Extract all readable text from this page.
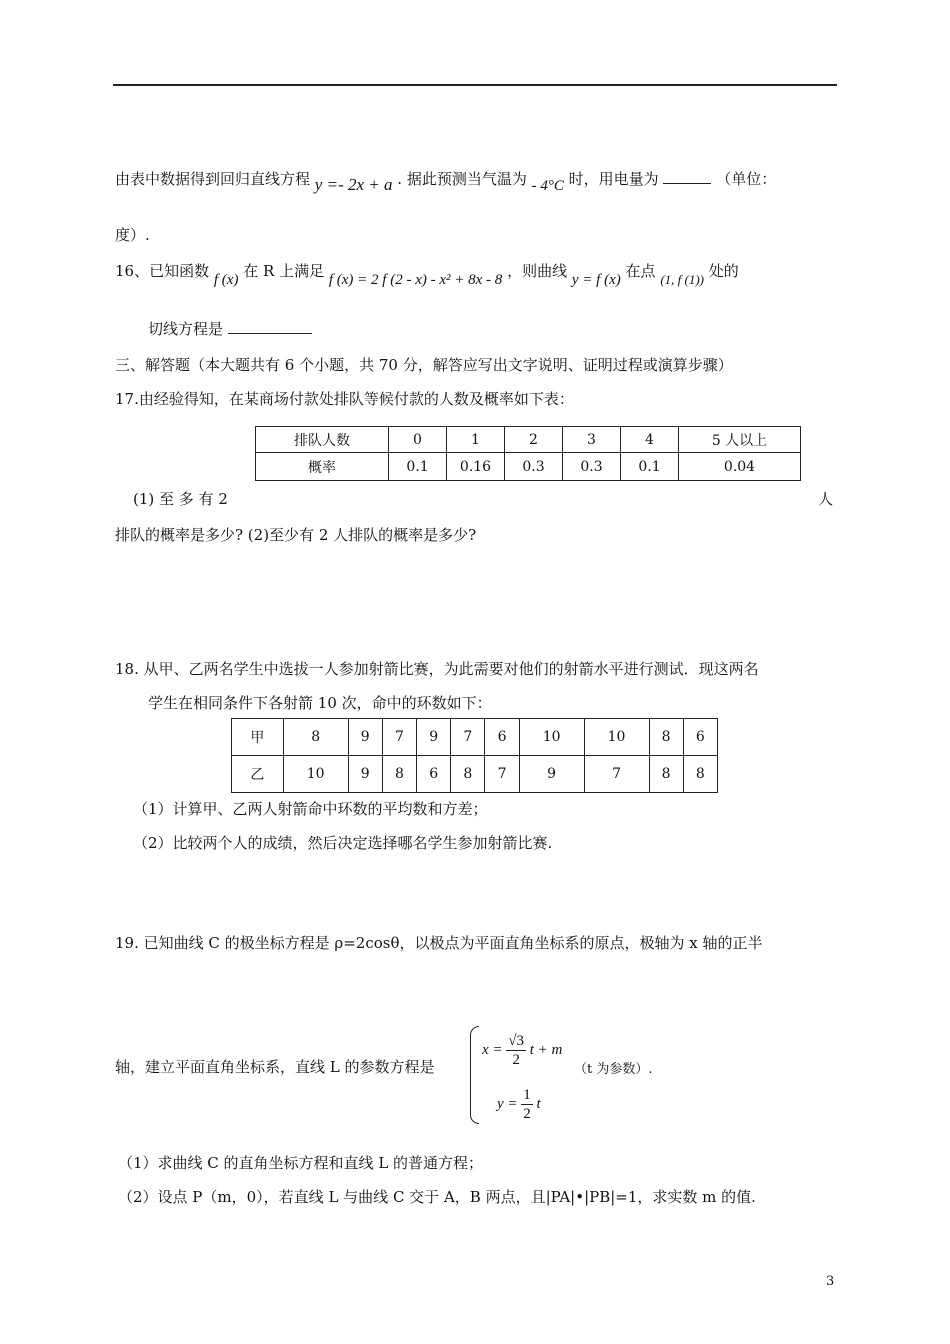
由表中数据得到回归直线方程 y =- 2x + a . 据此预测当气温为 - 4°C 时，用电量为	（单位：
度）.
16、已知函数 f (x) 在 R 上满足 f (x) = 2 f (2 - x) - x² + 8x - 8 ，则曲线 y = f (x) 在点 (1, f (1)) 处的
切线方程是
三、解答题（本大题共有 6 个小题，共 70 分，解答应写出文字说明、证明过程或演算步骤）
17.由经验得知，在某商场付款处排队等候付款的人数及概率如下表：
排队人数	0	1	2	3	4	5 人以上
概率	0.1	0.16	0.3	0.3	0.1	0.04
(1) 至 多 有 2	人
排队的概率是多少? (2)至少有 2 人排队的概率是多少?
18. 从甲、乙两名学生中选拔一人参加射箭比赛，为此需要对他们的射箭水平进行测试．现这两名
学生在相同条件下各射箭 10 次，命中的环数如下：
甲	8	9	7	9	7	6	10	10	8	6
乙	10	9	8	6	8	7	9	7	8	8
（1）计算甲、乙两人射箭命中环数的平均数和方差；
（2）比较两个人的成绩，然后决定选择哪名学生参加射箭比赛.
19. 已知曲线 C 的极坐标方程是 ρ=2cosθ，以极点为平面直角坐标系的原点，极轴为 x 轴的正半
轴，建立平面直角坐标系，直线 L 的参数方程是
$x = \frac{√3}{2}$ t + m
（t 为参数）.
$y = \frac{1}{2}$ t
（1）求曲线 C 的直角坐标方程和直线 L 的普通方程；
（2）设点 P（m，0），若直线 L 与曲线 C 交于 A，B 两点，且|PA|•|PB|=1，求实数 m 的值.
3
